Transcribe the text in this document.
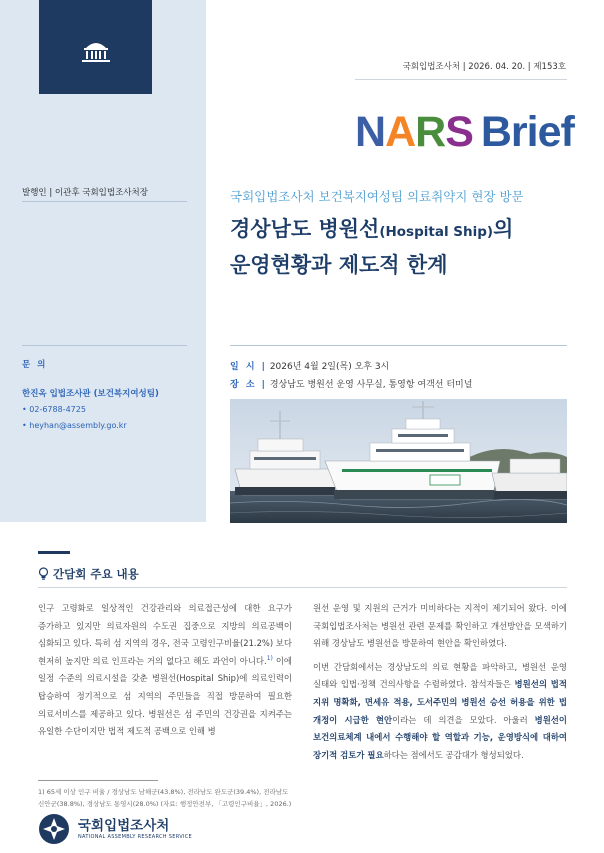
발행인 | 이관후 국회입법조사처장
문 의
한진옥 입법조사관 (보건복지여성팀)
• 02-6788-4725
• heyhan@assembly.go.kr
국회입법조사처 | 2026. 04. 20. | 제153호
NARS Brief
국회입법조사처 보건복지여성팀 의료취약지 현장 방문
경상남도 병원선(Hospital Ship)의
운영현황과 제도적 한계
일 시 | 2026년 4월 2일(목) 오후 3시
장 소 | 경상남도 병원선 운영 사무실, 통영항 여객선 터미널
간담회 주요 내용

인구 고령화로 일상적인 건강관리와 의료접근성에 대한 요구가 증가하고 있지만 의료자원의 수도권 집중으로 지방의 의료공백이 심화되고 있다. 특히 섬 지역의 경우, 전국 고령인구비율(21.2%) 보다 현저히 높지만 의료 인프라는 거의 없다고 해도 과언이 아니다.$^{1)}$ 이에 일정 수준의 의료시설을 갖춘 병원선(Hospital Ship)에 의료인력이 탑승하여 정기적으로 섬 지역의 주민들을 직접 방문하여 필요한 의료서비스를 제공하고 있다. 병원선은 섬 주민의 건강권을 지켜주는 유일한 수단이지만 법적 제도적 공백으로 인해 병

원선 운영 및 지원의 근거가 미비하다는 지적이 제기되어 왔다. 이에 국회입법조사처는 병원선 관련 문제를 확인하고 개선방안을 모색하기 위해 경상남도 병원선을 방문하여 현안을 확인하였다.

이번 간담회에서는 경상남도의 의료 현황을 파악하고, 병원선 운영 실태와 입법·정책 건의사항을 수렴하였다. 참석자들은 병원선의 법적 지위 명확화, 면세유 적용, 도서주민의 병원선 승선 허용을 위한 법 개정이 시급한 현안이라는 데 의견을 모았다. 아울러 병원선이 보건의료체계 내에서 수행해야 할 역할과 기능, 운영방식에 대하여 장기적 검토가 필요하다는 점에서도 공감대가 형성되었다.

1) 65세 이상 인구 비율 / 경상남도 남해군(43.8%), 전라남도 완도군(39.4%), 전라남도 신안군(38.8%), 경상남도 통영시(28.0%) (자료: 행정안전부, 「고령인구비율」, 2026.)
국회입법조사처
NATIONAL ASSEMBLY RESEARCH SERVICE
